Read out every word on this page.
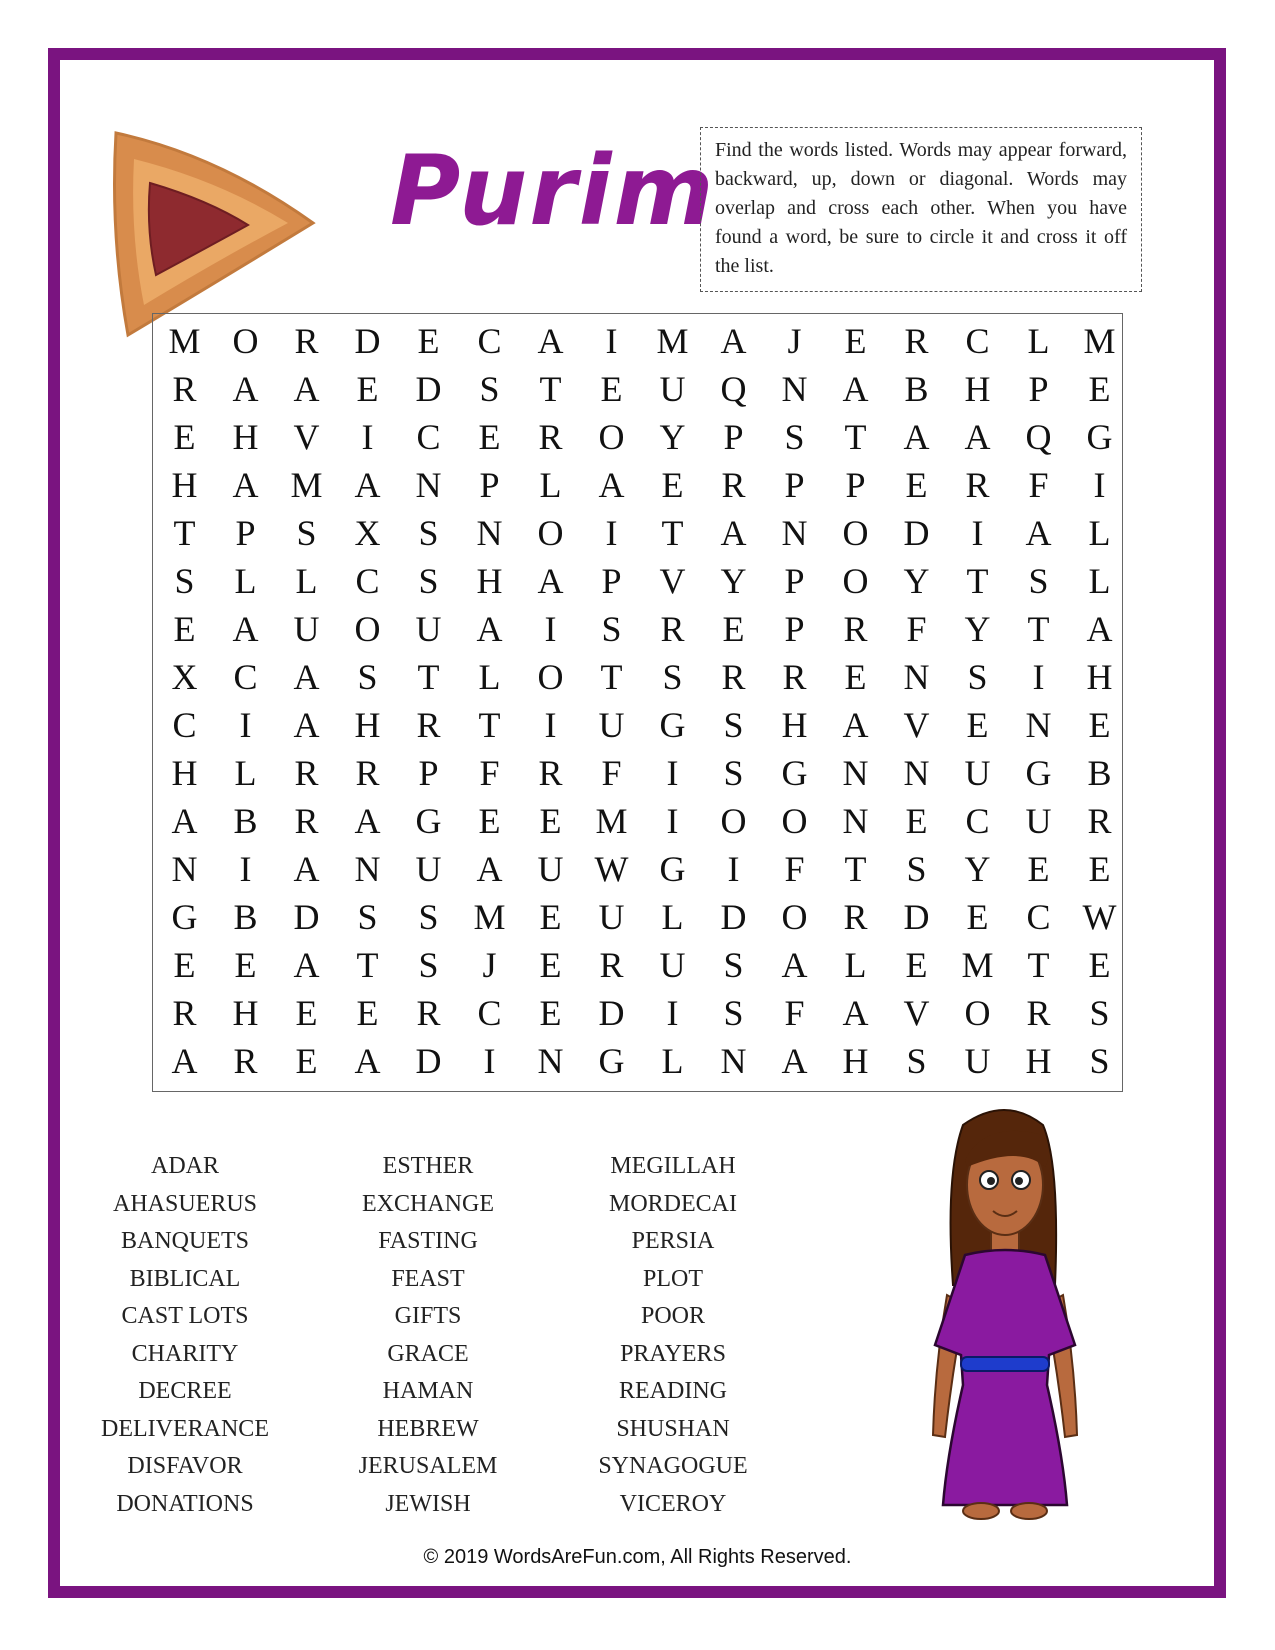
Purim Find the words listed. Words may appear forward, backward, up, down or diagonal. Words may overlap and cross each other. When you have found a word, be sure to circle it and cross it off the list.
M O R	D	E	C	A	I	M A	J	E	R	C	L M
R	A A	E	D	S	T	E	U Q N A B	H	P	E
E	H V	I	C	E	R	O Y	P	S	T	A A Q G
H A M A N	P	L	A	E	R	P	P	E	R	F	I
T	P	S	X	S	N O	I	T	A N O D	I	A	L
S	L	L	C	S	H A	P	V Y	P	O Y	T	S	L
E	A U O U A	I	S	R	E	P	R	F	Y	T	A
X C	A	S	T	L	O	T	S	R	R	E	N	S	I	H
C	I	A H R	T	I	U G	S	H A V	E	N	E
H	L	R	R	P	F	R	F	I	S	G N N U G B
A B	R	A G	E	E M	I	O O N	E	C	U R
N	I	A N U A U W G	I	F	T	S	Y	E	E
G B	D	S	S M E	U	L	D O R	D	E	C W
E	E	A	T	S	J	E	R	U	S	A	L	E M T	E
R	H	E	E	R	C	E	D	I	S	F	A V O R	S
A R	E	A D	I	N G	L	N A H	S	U H	S
ADAR
AHASUERUS
BANQUETS
BIBLICAL
CAST LOTS
CHARITY
DECREE
DELIVERANCE
DISFAVOR
DONATIONS
ESTHER
EXCHANGE
FASTING
FEAST
GIFTS
GRACE
HAMAN
HEBREW
JERUSALEM
JEWISH
MEGILLAH
MORDECAI
PERSIA
PLOT
POOR
PRAYERS
READING
SHUSHAN
SYNAGOGUE
VICEROY
© 2019 WordsAreFun.com, All Rights Reserved.
